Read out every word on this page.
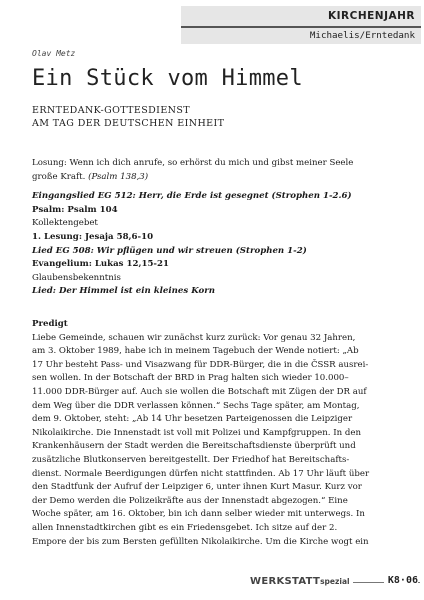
KIRCHENJAHR
Michaelis/Erntedank
Olav Metz
Ein Stück vom Himmel
ERNTEDANK-GOTTESDIENST
AM TAG DER DEUTSCHEN EINHEIT
Losung: Wenn ich dich anrufe, so erhörst du mich und gibst meiner Seele
große Kraft. (Psalm 138,3)
Eingangslied EG 512: Herr, die Erde ist gesegnet (Strophen 1-2.6)
Psalm: Psalm 104
Kollektengebet
1. Lesung: Jesaja 58,6-10
Lied EG 508: Wir pflügen und wir streuen (Strophen 1-2)
Evangelium: Lukas 12,15-21
Glaubensbekenntnis
Lied: Der Himmel ist ein kleines Korn
Predigt
Liebe Gemeinde, schauen wir zunächst kurz zurück: Vor genau 32 Jahren,
am 3. Oktober 1989, habe ich in meinem Tagebuch der Wende notiert: „Ab
17 Uhr besteht Pass- und Visazwang für DDR-Bürger, die in die ČSSR ausrei-
sen wollen. In der Botschaft der BRD in Prag halten sich wieder 10.000–
11.000 DDR-Bürger auf. Auch sie wollen die Botschaft mit Zügen der DR auf
dem Weg über die DDR verlassen können.“ Sechs Tage später, am Montag,
dem 9. Oktober, steht: „Ab 14 Uhr besetzen Parteigenossen die Leipziger
Nikolaikirche. Die Innenstadt ist voll mit Polizei und Kampfgruppen. In den
Krankenhäusern der Stadt werden die Bereitschaftsdienste überprüft und
zusätzliche Blutkonserven bereitgestellt. Der Friedhof hat Bereitschafts-
dienst. Normale Beerdigungen dürfen nicht stattfinden. Ab 17 Uhr läuft über
den Stadtfunk der Aufruf der Leipziger 6, unter ihnen Kurt Masur. Kurz vor
der Demo werden die Polizeikräfte aus der Innenstadt abgezogen.“ Eine
Woche später, am 16. Oktober, bin ich dann selber wieder mit unterwegs. In
allen Innenstadtkirchen gibt es ein Friedensgebet. Ich sitze auf der 2.
Empore der bis zum Bersten gefüllten Nikolaikirche. Um die Kirche wogt ein
WERKSTATTspezial	K8·06
